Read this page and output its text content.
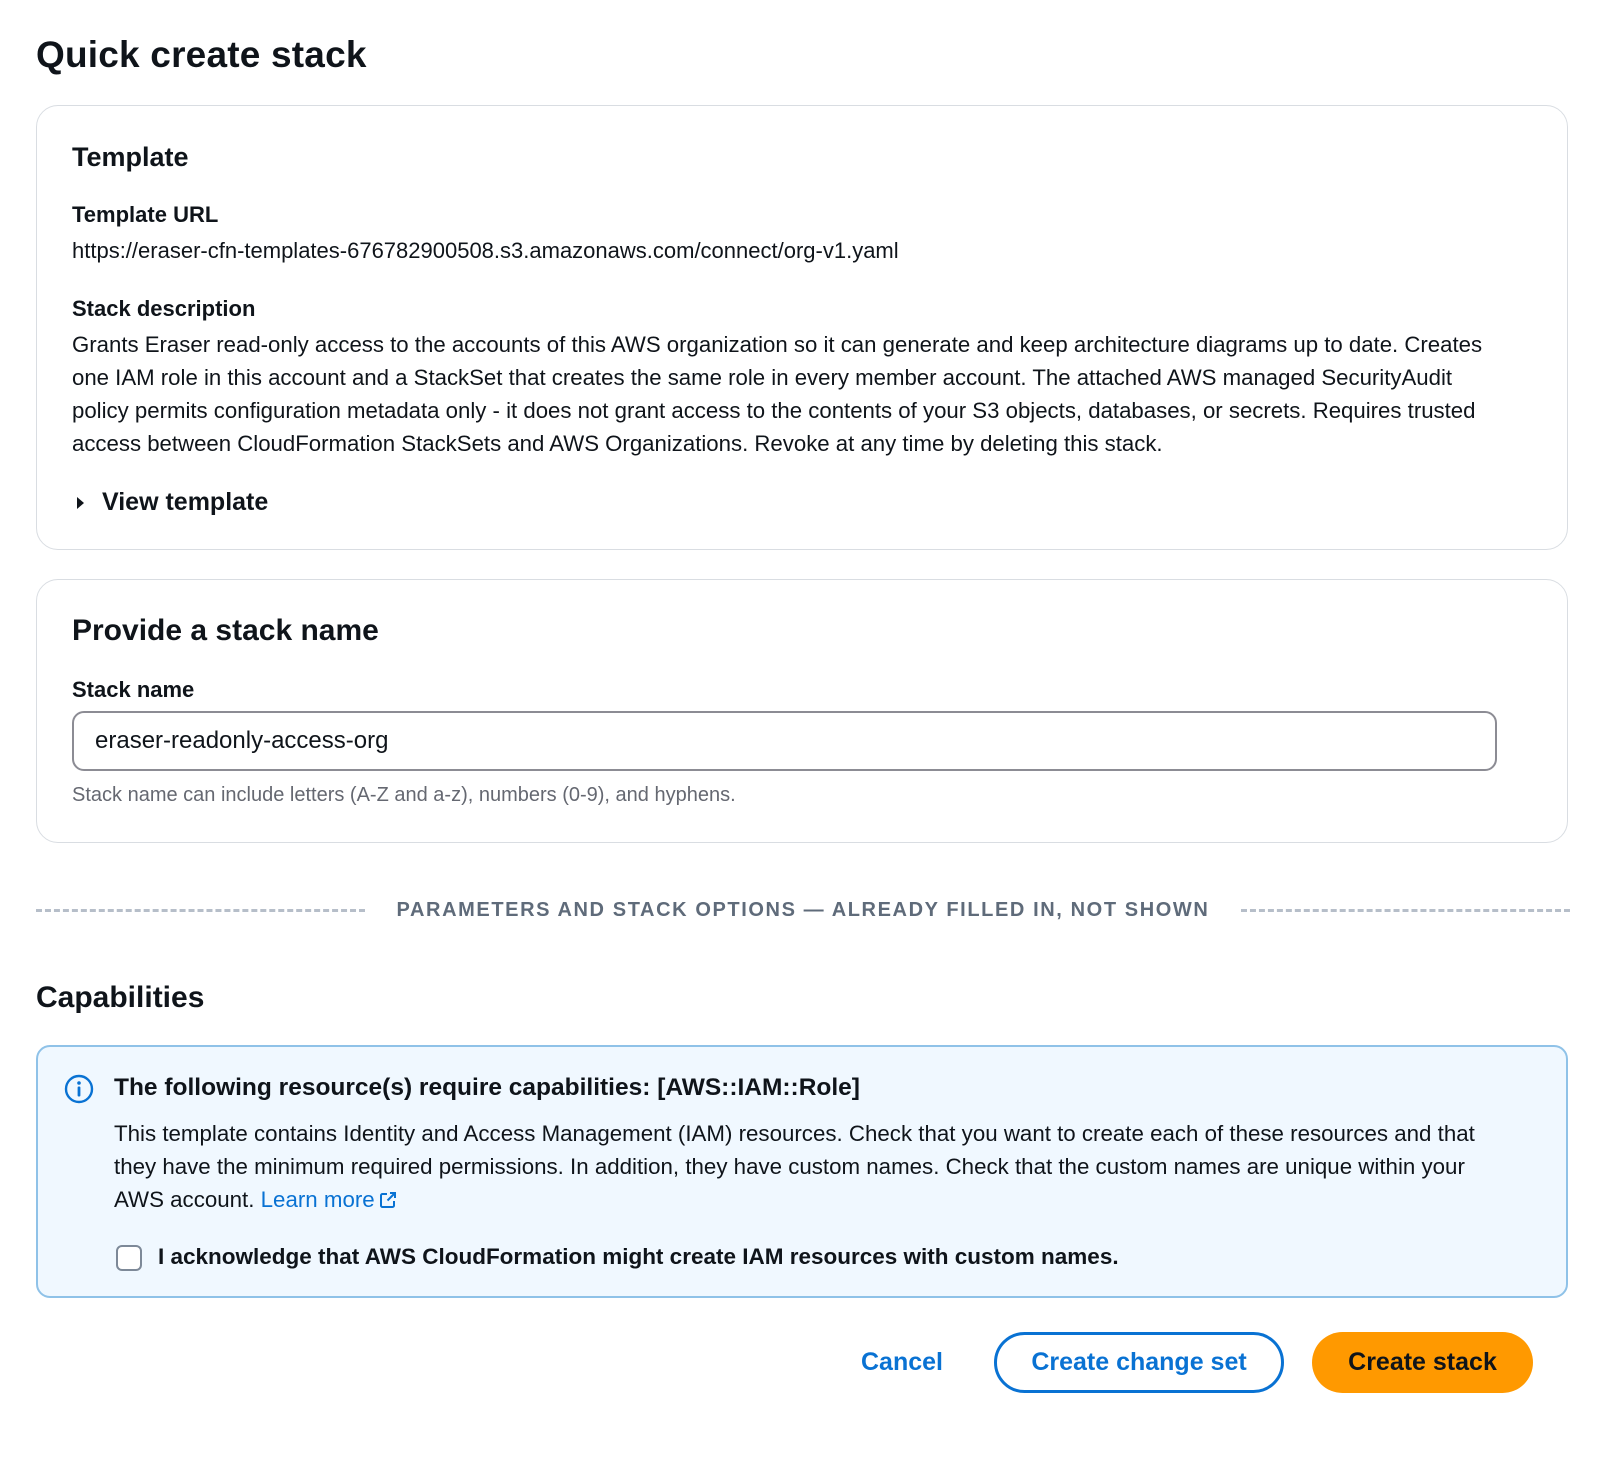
Quick create stack
Template
Template URL
https://eraser-cfn-templates-676782900508.s3.amazonaws.com/connect/org-v1.yaml
Stack description
Grants Eraser read-only access to the accounts of this AWS organization so it can generate and keep architecture diagrams up to date. Creates one IAM role in this account and a StackSet that creates the same role in every member account. The attached AWS managed SecurityAudit policy permits configuration metadata only - it does not grant access to the contents of your S3 objects, databases, or secrets. Requires trusted access between CloudFormation StackSets and AWS Organizations. Revoke at any time by deleting this stack.
View template
Provide a stack name
Stack name
eraser-readonly-access-org
Stack name can include letters (A-Z and a-z), numbers (0-9), and hyphens.
PARAMETERS AND STACK OPTIONS — ALREADY FILLED IN, NOT SHOWN
Capabilities
The following resource(s) require capabilities: [AWS::IAM::Role]
This template contains Identity and Access Management (IAM) resources. Check that you want to create each of these resources and that they have the minimum required permissions. In addition, they have custom names. Check that the custom names are unique within your AWS account. Learn more
I acknowledge that AWS CloudFormation might create IAM resources with custom names.
Cancel	Create change set	Create stack
